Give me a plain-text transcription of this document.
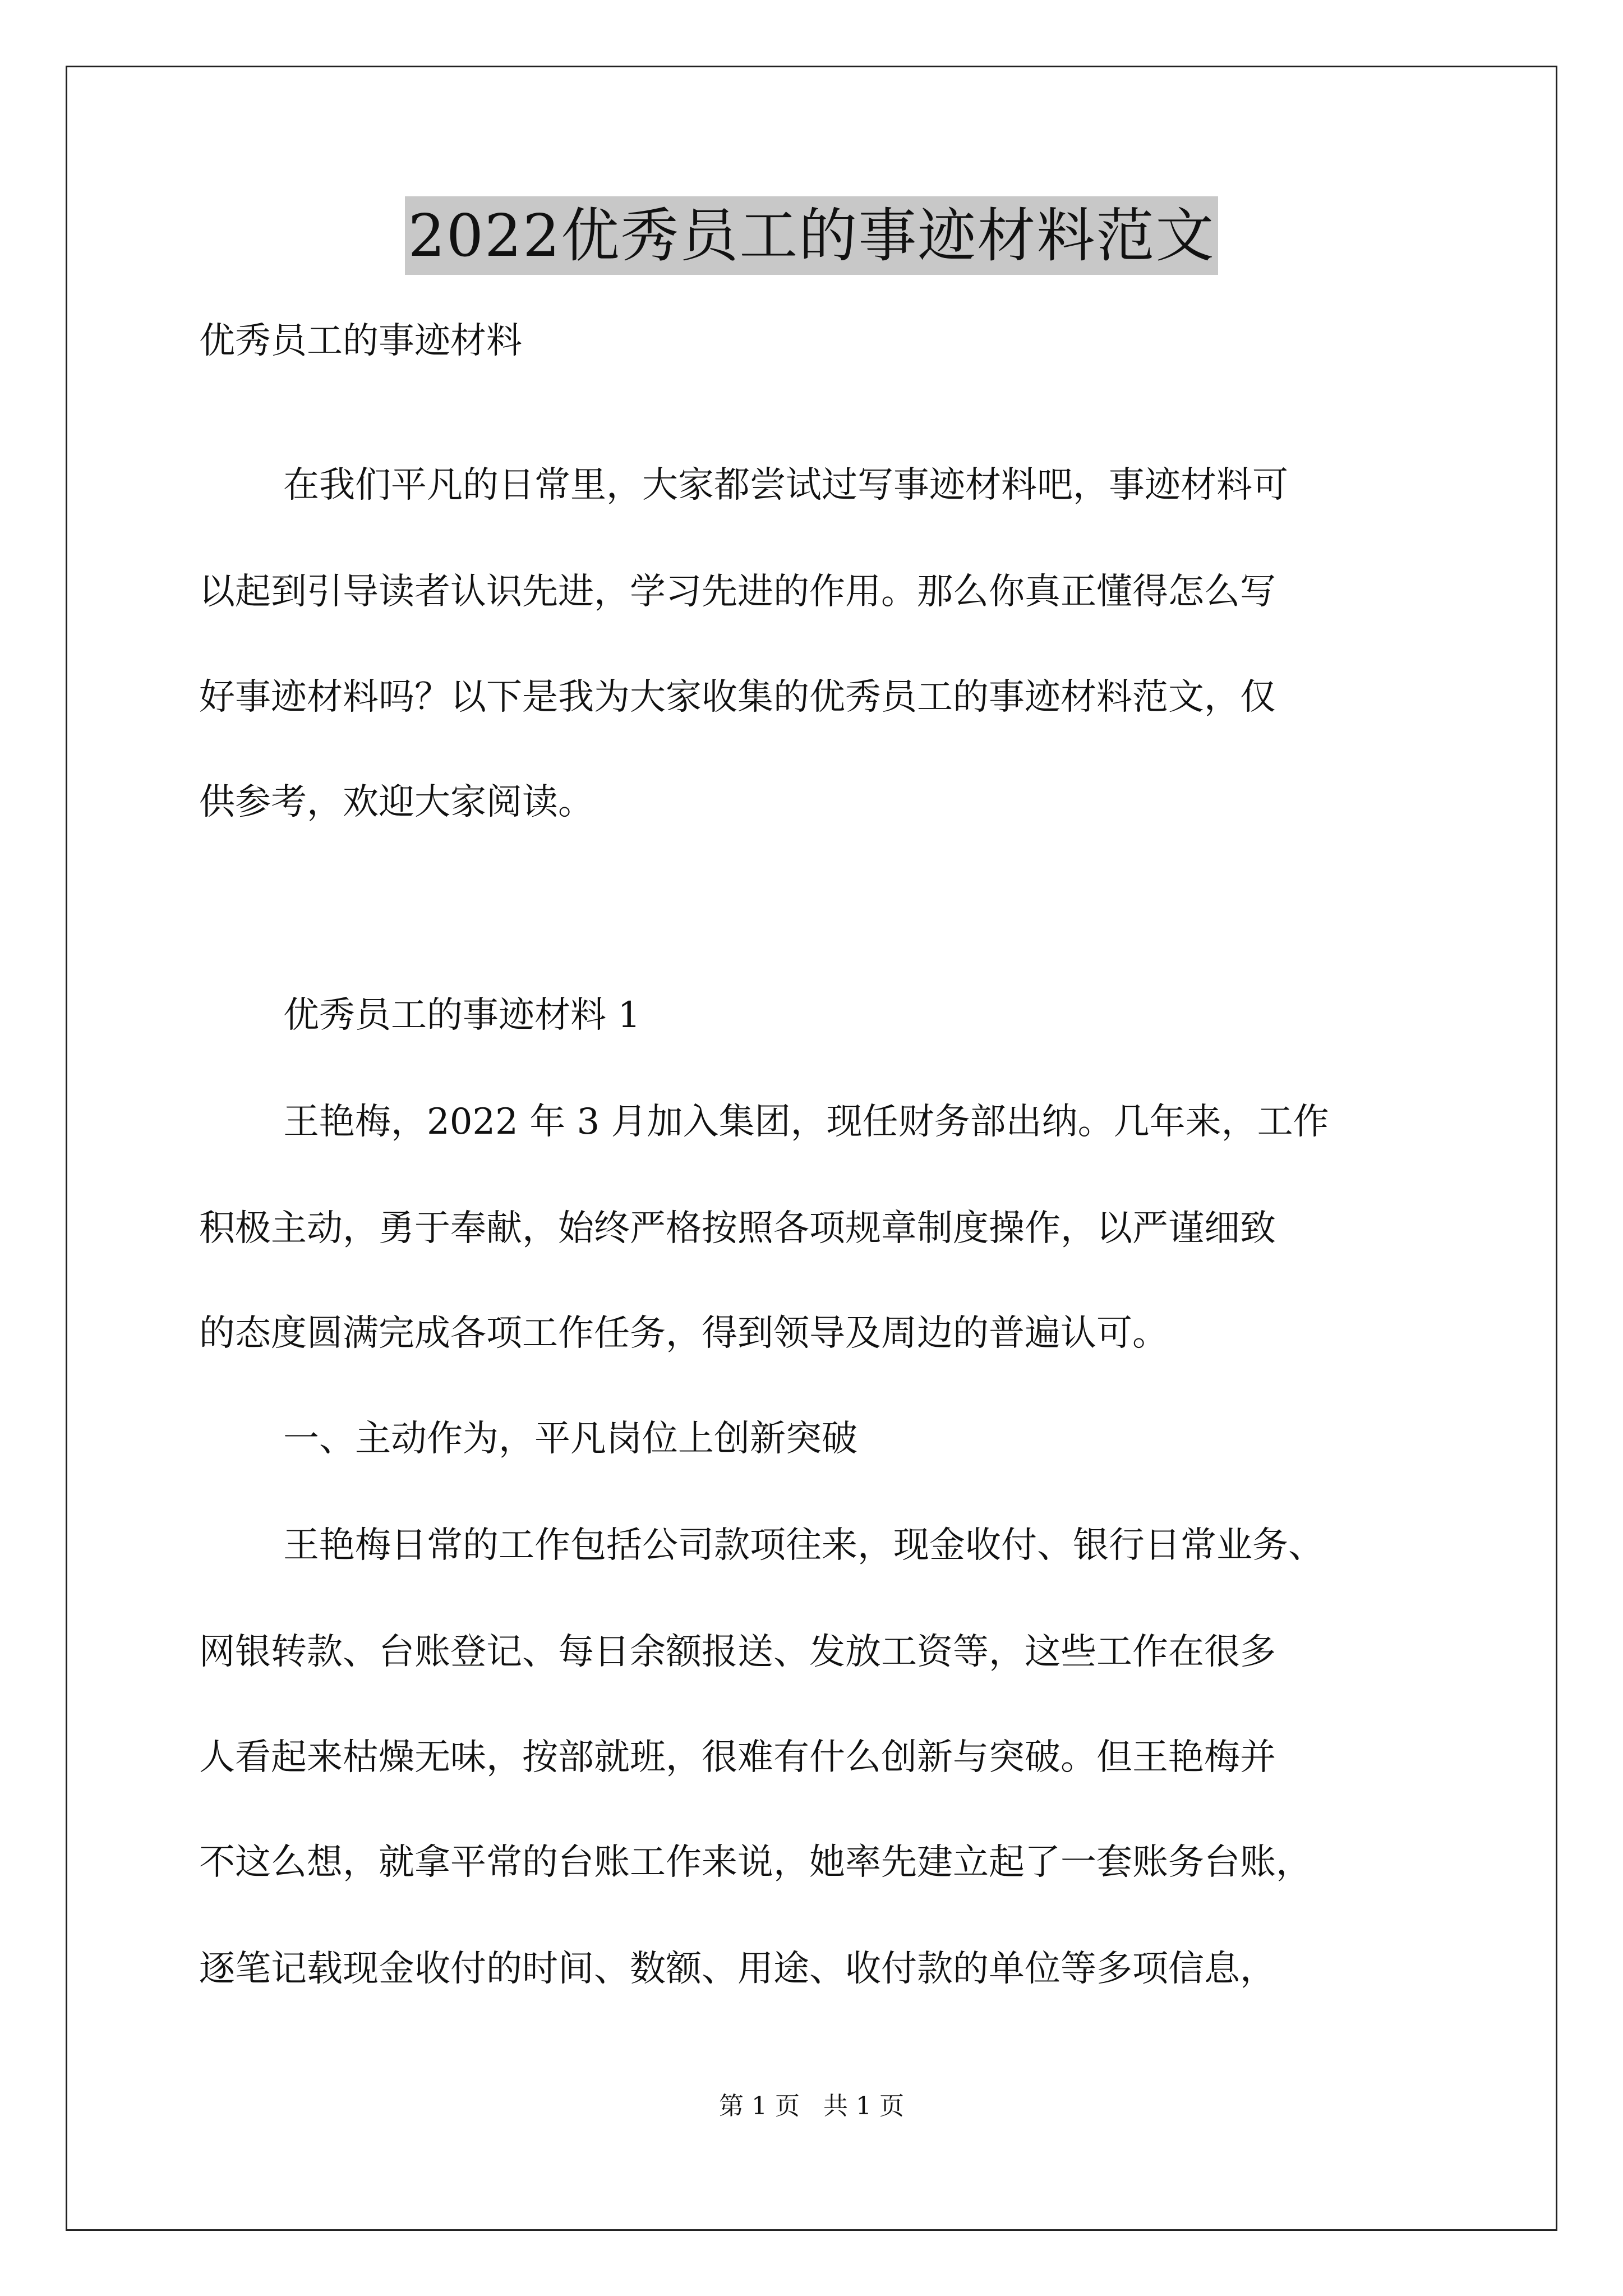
2022优秀员工的事迹材料范文
优秀员工的事迹材料
在我们平凡的日常里，大家都尝试过写事迹材料吧，事迹材料可
以起到引导读者认识先进，学习先进的作用。那么你真正懂得怎么写
好事迹材料吗？以下是我为大家收集的优秀员工的事迹材料范文，仅
供参考，欢迎大家阅读。
优秀员工的事迹材料 1
王艳梅，2022 年 3 月加入集团，现任财务部出纳。几年来，工作
积极主动，勇于奉献，始终严格按照各项规章制度操作，以严谨细致
的态度圆满完成各项工作任务，得到领导及周边的普遍认可。
一、主动作为，平凡岗位上创新突破
王艳梅日常的工作包括公司款项往来，现金收付、银行日常业务、
网银转款、台账登记、每日余额报送、发放工资等，这些工作在很多
人看起来枯燥无味，按部就班，很难有什么创新与突破。但王艳梅并
不这么想，就拿平常的台账工作来说，她率先建立起了一套账务台账，
逐笔记载现金收付的时间、数额、用途、收付款的单位等多项信息，
第 1 页 共 1 页
